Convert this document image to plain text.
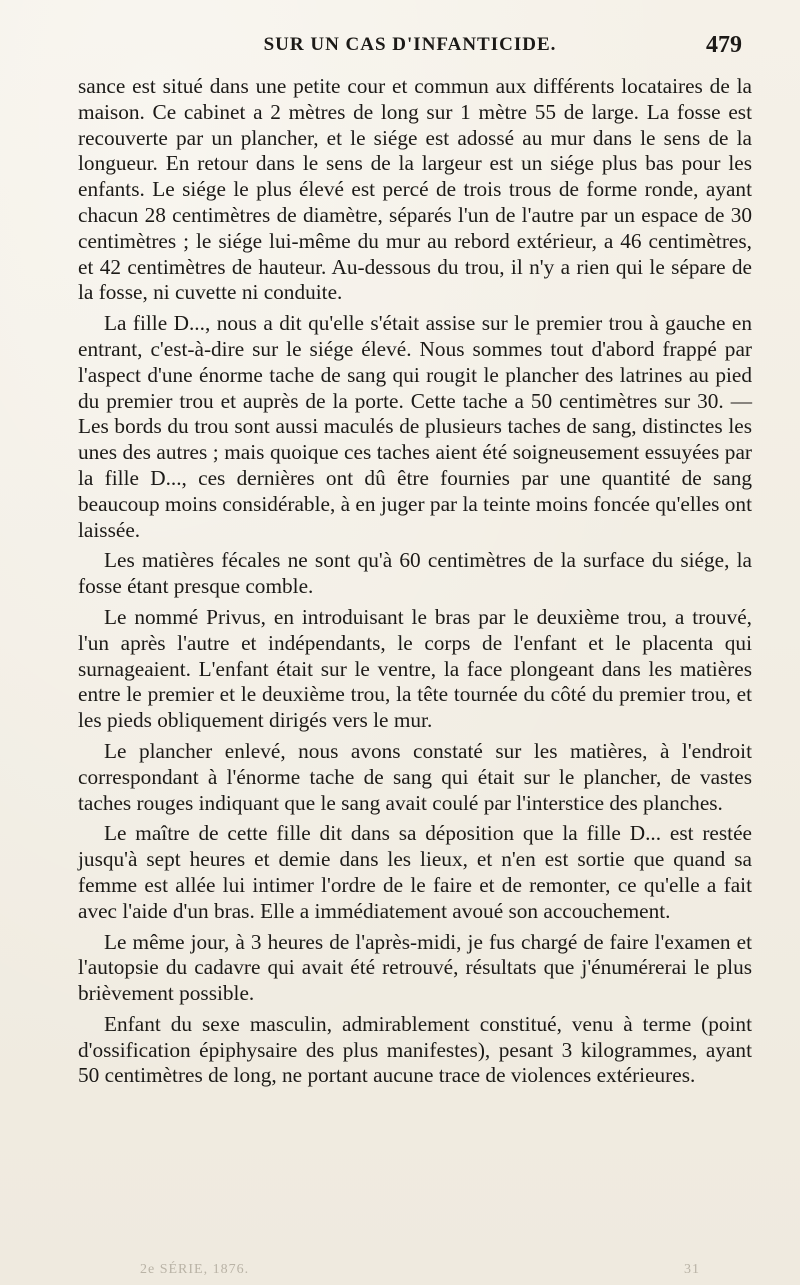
SUR UN CAS D'INFANTICIDE.	479

sance est situé dans une petite cour et commun aux différents locataires de la maison. Ce cabinet a 2 mètres de long sur 1 mètre 55 de large. La fosse est recouverte par un plancher, et le siége est adossé au mur dans le sens de la longueur. En retour dans le sens de la largeur est un siége plus bas pour les enfants. Le siége le plus élevé est percé de trois trous de forme ronde, ayant chacun 28 centimètres de diamètre, séparés l'un de l'autre par un espace de 30 centimètres ; le siége lui-même du mur au rebord extérieur, a 46 centimètres, et 42 centimètres de hauteur. Au-dessous du trou, il n'y a rien qui le sépare de la fosse, ni cuvette ni conduite.

La fille D..., nous a dit qu'elle s'était assise sur le premier trou à gauche en entrant, c'est-à-dire sur le siége élevé. Nous sommes tout d'abord frappé par l'aspect d'une énorme tache de sang qui rougit le plancher des latrines au pied du premier trou et auprès de la porte. Cette tache a 50 centimètres sur 30. — Les bords du trou sont aussi maculés de plusieurs taches de sang, distinctes les unes des autres ; mais quoique ces taches aient été soigneusement essuyées par la fille D..., ces dernières ont dû être fournies par une quantité de sang beaucoup moins considérable, à en juger par la teinte moins foncée qu'elles ont laissée.

Les matières fécales ne sont qu'à 60 centimètres de la surface du siége, la fosse étant presque comble.

Le nommé Privus, en introduisant le bras par le deuxième trou, a trouvé, l'un après l'autre et indépendants, le corps de l'enfant et le placenta qui surnageaient. L'enfant était sur le ventre, la face plongeant dans les matières entre le premier et le deuxième trou, la tête tournée du côté du premier trou, et les pieds obliquement dirigés vers le mur.

Le plancher enlevé, nous avons constaté sur les matières, à l'endroit correspondant à l'énorme tache de sang qui était sur le plancher, de vastes taches rouges indiquant que le sang avait coulé par l'interstice des planches.

Le maître de cette fille dit dans sa déposition que la fille D... est restée jusqu'à sept heures et demie dans les lieux, et n'en est sortie que quand sa femme est allée lui intimer l'ordre de le faire et de remonter, ce qu'elle a fait avec l'aide d'un bras. Elle a immédiatement avoué son accouchement.

Le même jour, à 3 heures de l'après-midi, je fus chargé de faire l'examen et l'autopsie du cadavre qui avait été retrouvé, résultats que j'énumérerai le plus brièvement possible.

Enfant du sexe masculin, admirablement constitué, venu à terme (point d'ossification épiphysaire des plus manifestes), pesant 3 kilogrammes, ayant 50 centimètres de long, ne portant aucune trace de violences extérieures.

2e SÉRIE, 1876.	31
